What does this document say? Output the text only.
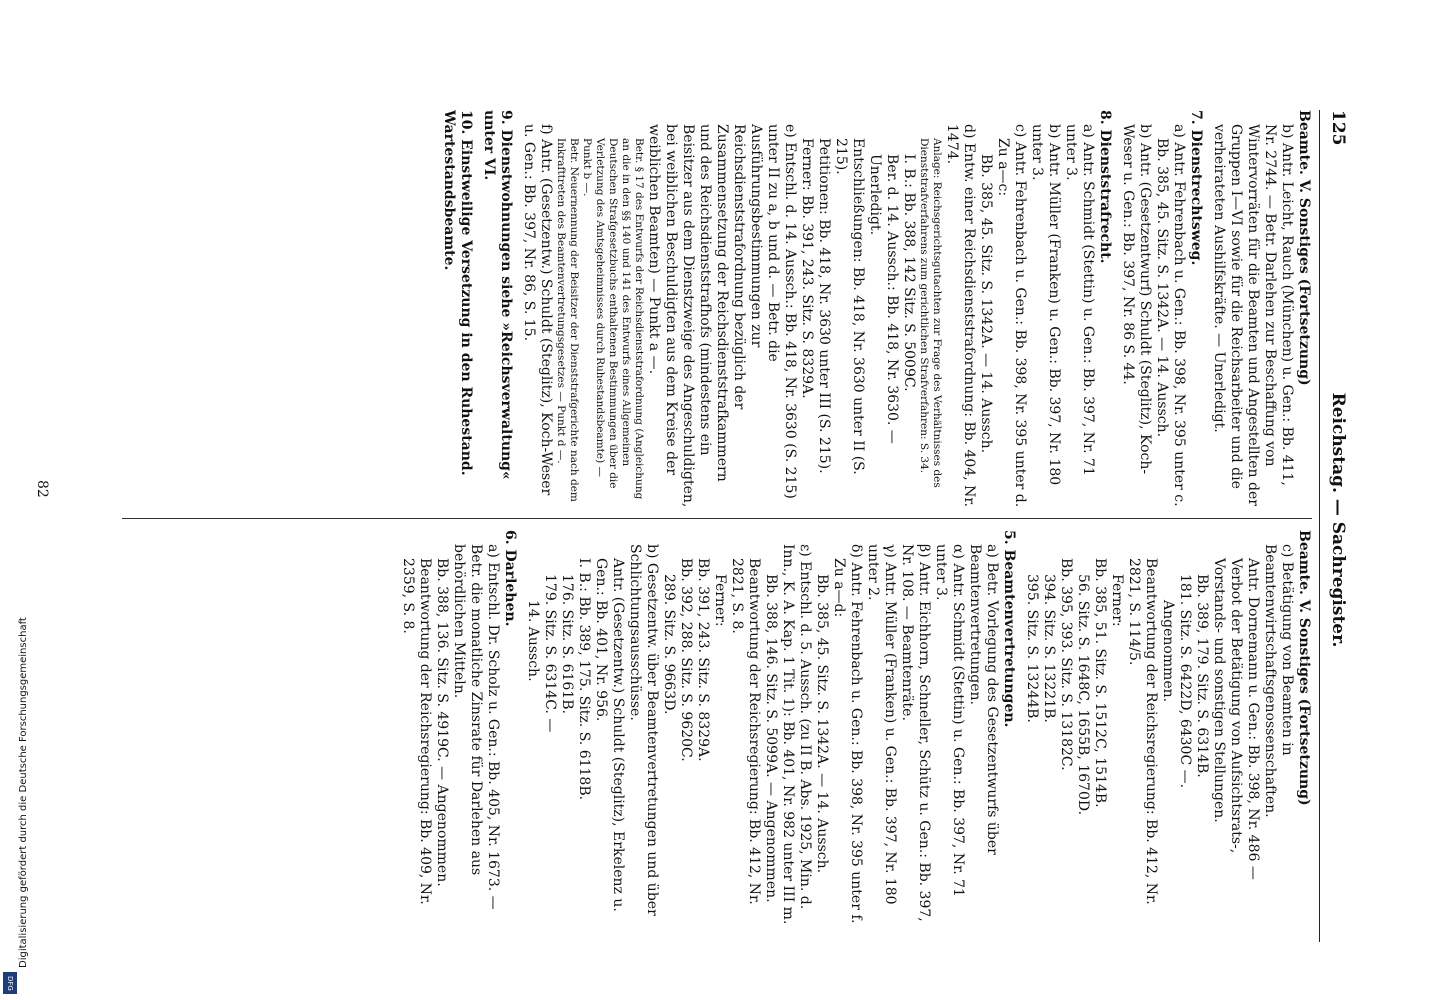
Reichstag. — Sachregister.
125
Beamte. V. Sonstiges (Fortsetzung)
b) Antr. Leicht, Rauch (München) u. Gen.: Bb. 411, Nr. 2744. — Betr. Darlehen zur Beschaffung von Wintervorräten für die Beamten und Angestellten der Gruppen I—VI sowie für die Reichsarbeiter und die verheirateten Aushilfskräfte. — Unerledigt.
7. Dienstrechtsweg.
a) Antr. Fehrenbach u. Gen.: Bb. 398, Nr. 395 unter c.
Bb. 385, 45. Sitz. S. 1342A. — 14. Aussch.
b) Antr. (Gesetzentwurf) Schuldt (Steglitz), Koch-Weser u. Gen.: Bb. 397, Nr. 86 S. 44.
8. Dienststrafrecht.
a) Antr. Schmidt (Stettin) u. Gen.: Bb. 397, Nr. 71 unter 3.
b) Antr. Müller (Franken) u. Gen.: Bb. 397, Nr. 180 unter 3.
c) Antr. Fehrenbach u. Gen.: Bb. 398, Nr. 395 unter d.
Zu a—c:
Bb. 385, 45. Sitz. S. 1342A. — 14. Aussch.
d) Entw. einer Reichsdienststrafordnung: Bb. 404, Nr. 1474.
Anlage: Reichsgerichtsgutachten zur Frage des Verhältnisses des Dienststrafverfahrens zum gerichtlichen Strafverfahren: S. 34.
I. B.: Bb. 388, 142 Sitz. S. 5009C.
Ber. d. 14. Aussch.: Bb. 418, Nr. 3630. — Unerledigt.
Entschließungen: Bb. 418, Nr. 3630 unter II (S. 215).
Petitionen: Bb. 418, Nr. 3630 unter III (S. 215).
Ferner: Bb. 391, 243. Sitz. S. 8329A.
e) Entschl. d. 14. Aussch.: Bb. 418, Nr. 3630 (S. 215) unter II zu a, b und d. — Betr. die Ausführungsbestimmungen zur Reichsdienststrafordnung bezüglich der Zusammensetzung der Reichsdienststrafkammern und des Reichsdienststrafhofs (mindestens ein Beisitzer aus dem Dienstzweige des Angeschuldigten, bei weiblichen Beschuldigten aus dem Kreise der weiblichen Beamten) — Punkt a —.
Betr. § 17 des Entwurfs der Reichsdienststrafordnung (Angleichung an die in den §§ 140 und 141 des Entwurfs eines Allgemeinen Deutschen Strafgesetzbuchs enthaltenen Bestimmungen über die Verletzung des Amtsgeheimnisses durch Ruhestandsbeamte) — Punkt b —.
Betr. Neuernennung der Beisitzer der Dienststrafgerichte nach dem Inkrafttreten des Beamtenvertretungsgesetzes — Punkt d —.
f) Antr. (Gesetzentw.) Schuldt (Steglitz), Koch-Weser u. Gen.: Bb. 397, Nr. 86, S. 15.
9. Dienstwohnungen siehe »Reichsverwaltung« unter VI.
10. Einstweilige Versetzung in den Ruhestand. Wartestandsbeamte.
Beamte. V. Sonstiges (Fortsetzung)
c) Betätigung von Beamten in Beamtenwirtschaftsgenossenschaften.
Antr. Dornemann u. Gen.: Bb. 398, Nr. 486 — Verbot der Betätigung von Aufsichtsrats-, Vorstands- und sonstigen Stellungen.
Bb. 389, 179. Sitz. S. 6314B.
181. Sitz. S. 6422D, 6430C —.
Angenommen.
Beantwortung der Reichsregierung: Bb. 412, Nr. 2821, S. 114/5.
Ferner:
Bb. 385, 51. Sitz. S. 1512C, 1514B.
56. Sitz. S. 1648C, 1655B, 1670D.
Bb. 395, 393. Sitz. S. 13182C.
394. Sitz. S. 13221B.
395. Sitz. S. 13244B.
5. Beamtenvertretungen.
a) Betr. Vorlegung des Gesetzentwurfs über Beamtenvertretungen.
α) Antr. Schmidt (Stettin) u. Gen.: Bb. 397, Nr. 71 unter 3.
β) Antr. Eichhorn, Schneller, Schütz u. Gen.: Bb. 397, Nr. 108. — Beamtenräte.
γ) Antr. Müller (Franken) u. Gen.: Bb. 397, Nr. 180 unter 2.
δ) Antr. Fehrenbach u. Gen.: Bb. 398, Nr. 395 unter f.
Zu a—d:
Bb. 385, 45. Sitz. S. 1342A. — 14. Aussch.
ε) Entschl. d. 5. Aussch. (zu II B. Abs. 1925, Min. d. Inn., K. A. Kap. 1 Tit. 1): Bb. 401, Nr. 982 unter III m.
Bb. 388, 146. Sitz. S. 5099A. — Angenommen.
Beantwortung der Reichsregierung: Bb. 412, Nr. 2821, S. 8.
Ferner:
Bb. 391, 243. Sitz. S. 8329A.
Bb. 392, 288. Sitz. S. 9620C.
289. Sitz. S. 9663D.
b) Gesetzentw. über Beamtenvertretungen und über Schlichtungsausschüsse.
Antr. (Gesetzentw.) Schuldt (Steglitz), Erkelenz u. Gen.: Bb. 401, Nr. 956.
I. B.: Bb. 389, 175. Sitz. S. 6118B.
176. Sitz. S. 6161B.
179. Sitz. S. 6314C. —
14. Aussch.
6. Darlehen.
a) Entschl. Dr. Scholz u. Gen.: Bb. 405, Nr. 1673. — Betr. die monatliche Zinsrate für Darlehen aus behördlichen Mitteln.
Bb. 388, 136. Sitz. S. 4919C. — Angenommen.
Beantwortung der Reichsregierung: Bb. 409, Nr. 2359, S. 8.
82
Digitalisierung gefördert durch die Deutsche Forschungsgemeinschaft
DFG
